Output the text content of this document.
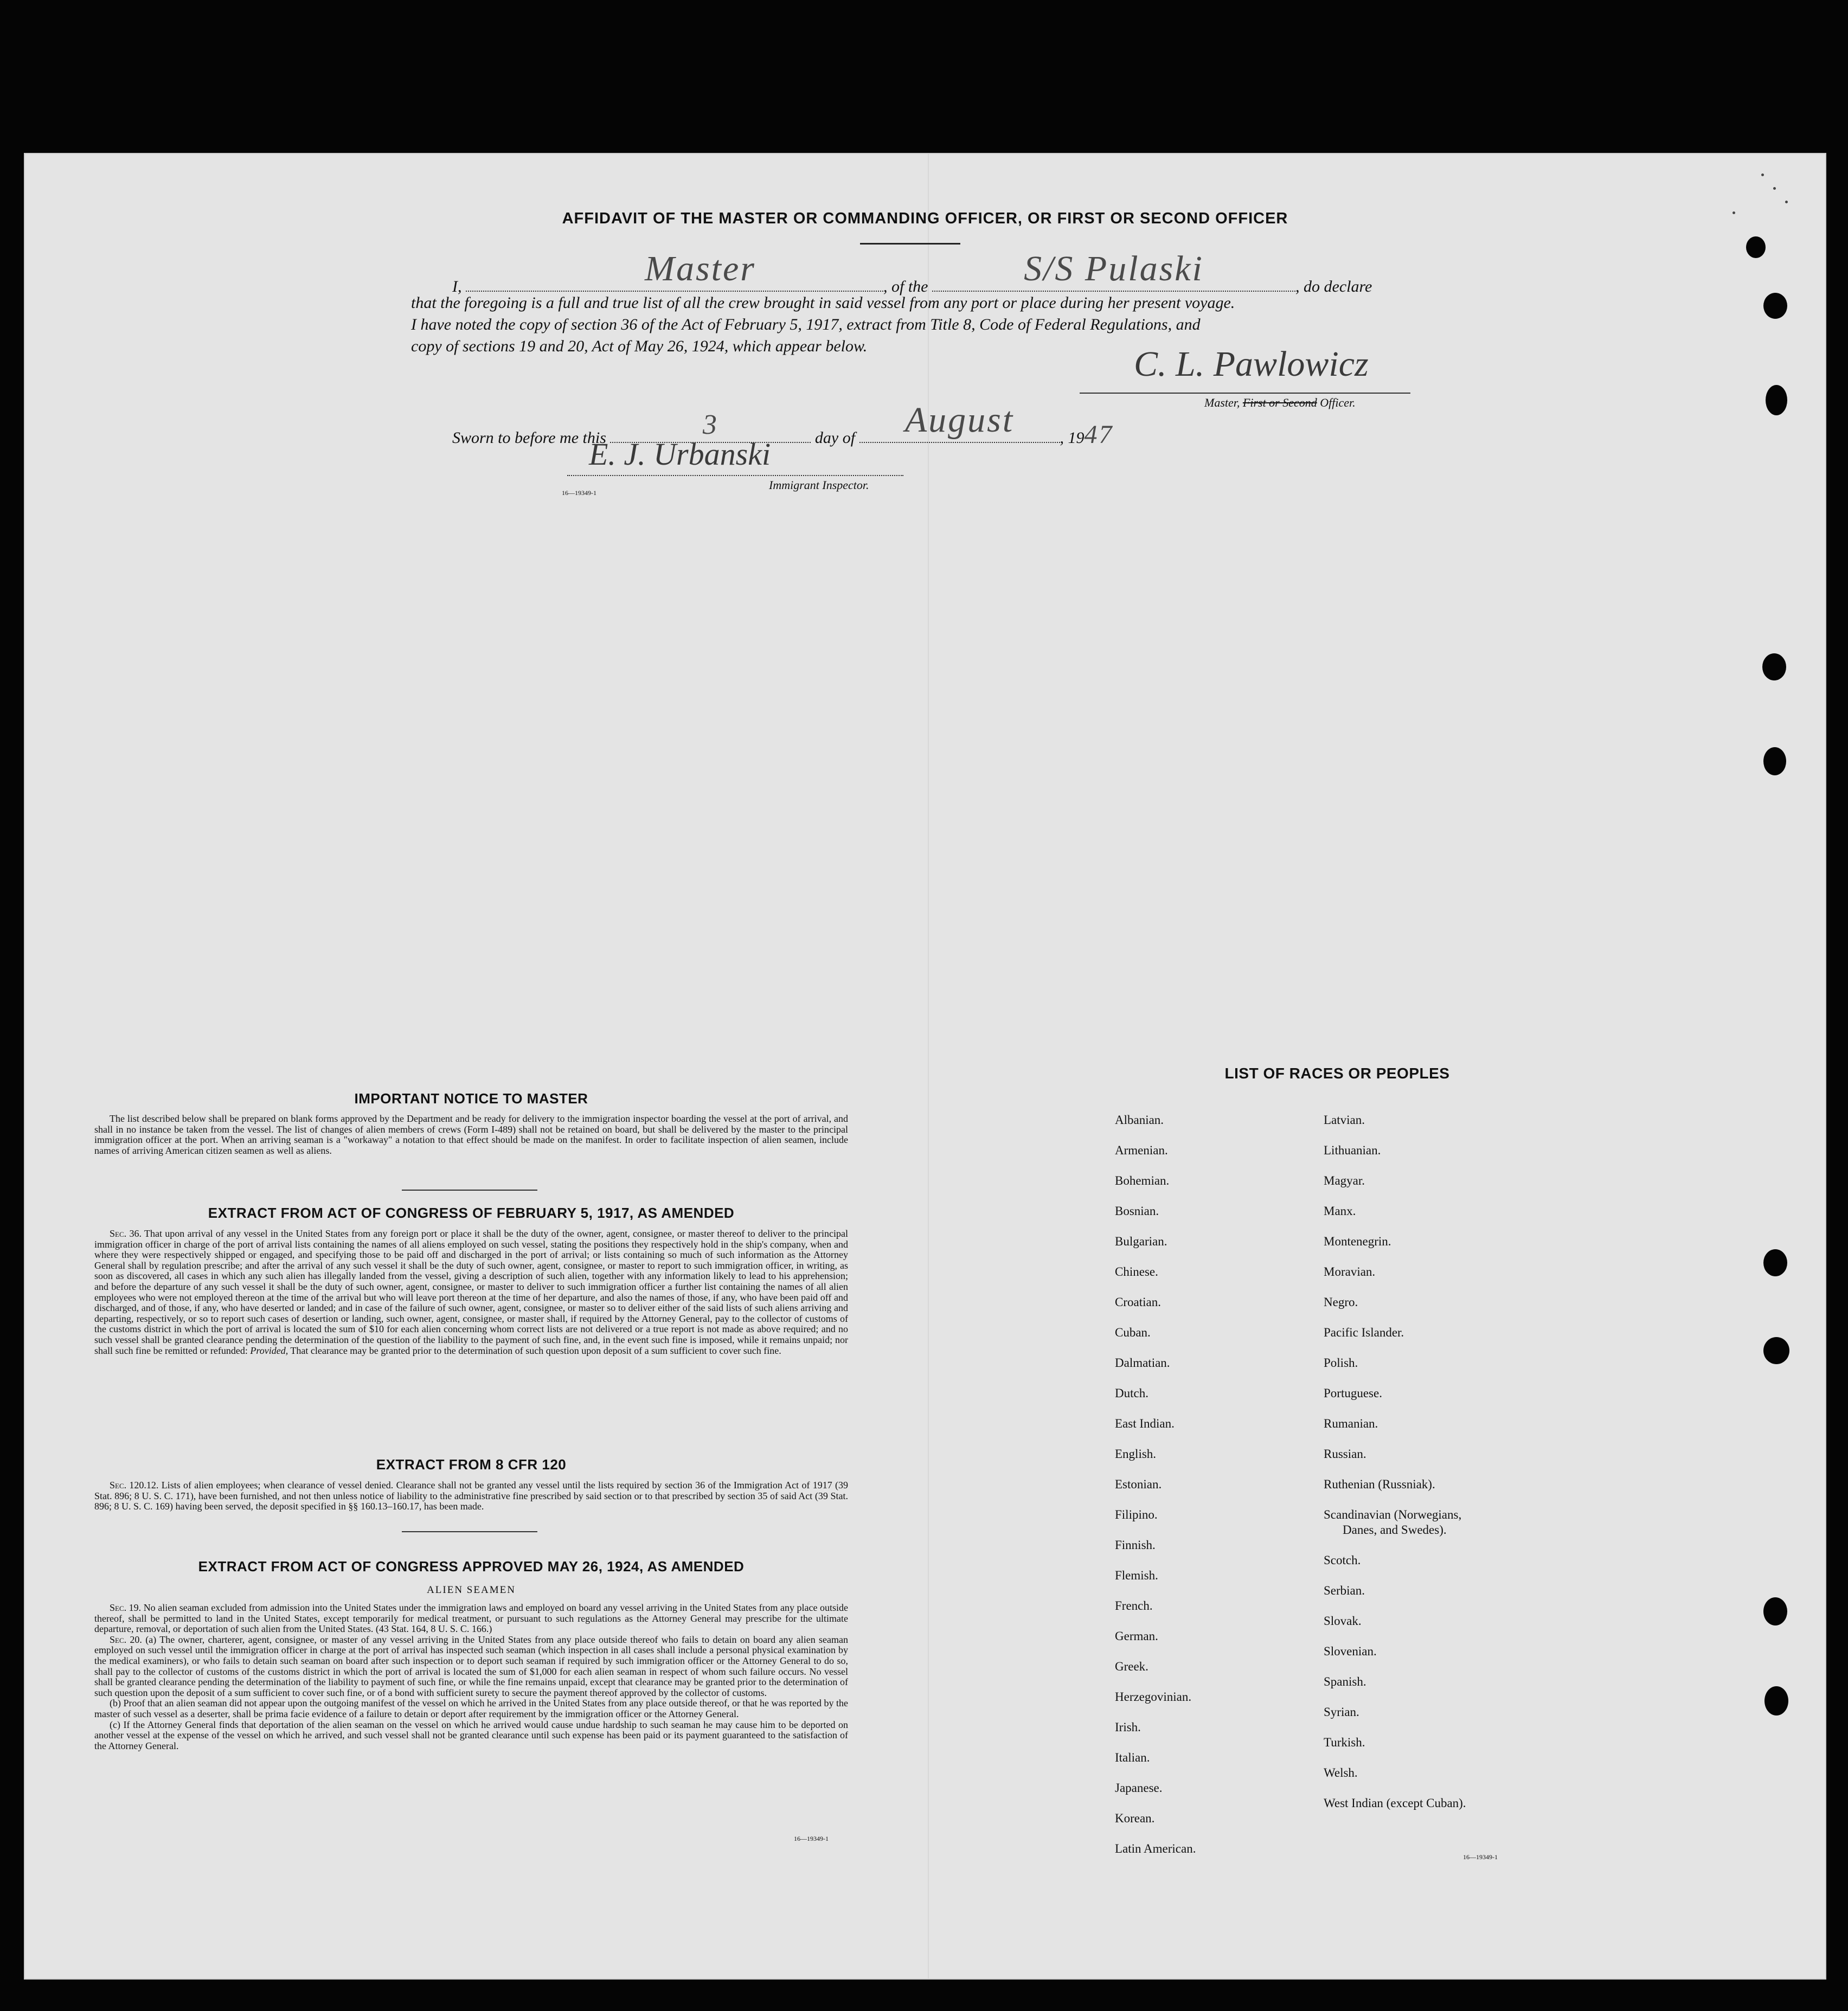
AFFIDAVIT OF THE MASTER OR COMMANDING OFFICER, OR FIRST OR SECOND OFFICER
I,	Master	, of the	S/S Pulaski	, do declare
that the foregoing is a full and true list of all the crew brought in said vessel from any port or place during her present voyage.
I have noted the copy of section 36 of the Act of February 5, 1917, extract from Title 8, Code of Federal Regulations, and
copy of sections 19 and 20, Act of May 26, 1924, which appear below.	C. L. Pawlowicz
Master, First or Second Officer.
Sworn to before me this	3	day of	August	, 1947
E. J. Urbanski
Immigrant Inspector.
16—19349-1
IMPORTANT NOTICE TO MASTER

The list described below shall be prepared on blank forms approved by the Department and be ready for delivery to the immigration inspector boarding the vessel at the port of arrival, and shall in no instance be taken from the vessel. The list of changes of alien members of crews (Form I-489) shall not be retained on board, but shall be delivered by the master to the principal immigration officer at the port. When an arriving seaman is a "workaway" a notation to that effect should be made on the manifest. In order to facilitate inspection of alien seamen, include names of arriving American citizen seamen as well as aliens.

EXTRACT FROM ACT OF CONGRESS OF FEBRUARY 5, 1917, AS AMENDED

Sec. 36. That upon arrival of any vessel in the United States from any foreign port or place it shall be the duty of the owner, agent, consignee, or master thereof to deliver to the principal immigration officer in charge of the port of arrival lists containing the names of all aliens employed on such vessel, stating the positions they respectively hold in the ship's company, when and where they were respectively shipped or engaged, and specifying those to be paid off and discharged in the port of arrival; or lists containing so much of such information as the Attorney General shall by regulation prescribe; and after the arrival of any such vessel it shall be the duty of such owner, agent, consignee, or master to report to such immigration officer, in writing, as soon as discovered, all cases in which any such alien has illegally landed from the vessel, giving a description of such alien, together with any information likely to lead to his apprehension; and before the departure of any such vessel it shall be the duty of such owner, agent, consignee, or master to deliver to such immigration officer a further list containing the names of all alien employees who were not employed thereon at the time of the arrival but who will leave port thereon at the time of her departure, and also the names of those, if any, who have been paid off and discharged, and of those, if any, who have deserted or landed; and in case of the failure of such owner, agent, consignee, or master so to deliver either of the said lists of such aliens arriving and departing, respectively, or so to report such cases of desertion or landing, such owner, agent, consignee, or master shall, if required by the Attorney General, pay to the collector of customs of the customs district in which the port of arrival is located the sum of $10 for each alien concerning whom correct lists are not delivered or a true report is not made as above required; and no such vessel shall be granted clearance pending the determination of the question of the liability to the payment of such fine, and, in the event such fine is imposed, while it remains unpaid; nor shall such fine be remitted or refunded: Provided, That clearance may be granted prior to the determination of such question upon deposit of a sum sufficient to cover such fine.

EXTRACT FROM 8 CFR 120

Sec. 120.12. Lists of alien employees; when clearance of vessel denied. Clearance shall not be granted any vessel until the lists required by section 36 of the Immigration Act of 1917 (39 Stat. 896; 8 U. S. C. 171), have been furnished, and not then unless notice of liability to the administrative fine prescribed by said section or to that prescribed by section 35 of said Act (39 Stat. 896; 8 U. S. C. 169) having been served, the deposit specified in §§ 160.13–160.17, has been made.

EXTRACT FROM ACT OF CONGRESS APPROVED MAY 26, 1924, AS AMENDED
ALIEN SEAMEN

Sec. 19. No alien seaman excluded from admission into the United States under the immigration laws and employed on board any vessel arriving in the United States from any place outside thereof, shall be permitted to land in the United States, except temporarily for medical treatment, or pursuant to such regulations as the Attorney General may prescribe for the ultimate departure, removal, or deportation of such alien from the United States. (43 Stat. 164, 8 U. S. C. 166.)

Sec. 20. (a) The owner, charterer, agent, consignee, or master of any vessel arriving in the United States from any place outside thereof who fails to detain on board any alien seaman employed on such vessel until the immigration officer in charge at the port of arrival has inspected such seaman (which inspection in all cases shall include a personal physical examination by the medical examiners), or who fails to detain such seaman on board after such inspection or to deport such seaman if required by such immigration officer or the Attorney General to do so, shall pay to the collector of customs of the customs district in which the port of arrival is located the sum of $1,000 for each alien seaman in respect of whom such failure occurs. No vessel shall be granted clearance pending the determination of the liability to payment of such fine, or while the fine remains unpaid, except that clearance may be granted prior to the determination of such question upon the deposit of a sum sufficient to cover such fine, or of a bond with sufficient surety to secure the payment thereof approved by the collector of customs.

(b) Proof that an alien seaman did not appear upon the outgoing manifest of the vessel on which he arrived in the United States from any place outside thereof, or that he was reported by the master of such vessel as a deserter, shall be prima facie evidence of a failure to detain or deport after requirement by the immigration officer or the Attorney General.

(c) If the Attorney General finds that deportation of the alien seaman on the vessel on which he arrived would cause undue hardship to such seaman he may cause him to be deported on another vessel at the expense of the vessel on which he arrived, and such vessel shall not be granted clearance until such expense has been paid or its payment guaranteed to the satisfaction of the Attorney General.

16—19349-1
LIST OF RACES OR PEOPLES
Albanian.
Armenian.
Bohemian.
Bosnian.
Bulgarian.
Chinese.
Croatian.
Cuban.
Dalmatian.
Dutch.
East Indian.
English.
Estonian.
Filipino.
Finnish.
Flemish.
French.
German.
Greek.
Herzegovinian.
Irish.
Italian.
Japanese.
Korean.
Latin American.
Latvian.
Lithuanian.
Magyar.
Manx.
Montenegrin.
Moravian.
Negro.
Pacific Islander.
Polish.
Portuguese.
Rumanian.
Russian.
Ruthenian (Russniak).
Scandinavian (Norwegians,
Danes, and Swedes).
Scotch.
Serbian.
Slovak.
Slovenian.
Spanish.
Syrian.
Turkish.
Welsh.
West Indian (except Cuban).
16—19349-1
